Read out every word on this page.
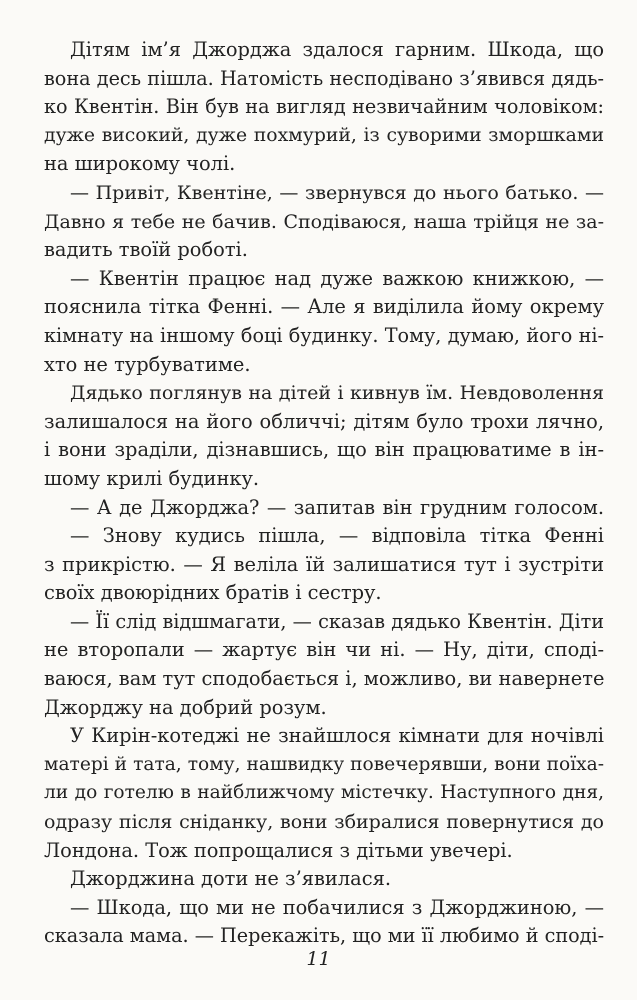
Дітям ім’я Джорджа здалося гарним. Шкода, що
вона десь пішла. Натомість несподівано з’явився дядь-
ко Квентін. Він був на вигляд незвичайним чоловіком:
дуже високий, дуже похмурий, із суворими зморшками
на широкому чолі.
— Привіт, Квентіне, — звернувся до нього батько. —
Давно я тебе не бачив. Сподіваюся, наша трійця не за-
вадить твоїй роботі.
— Квентін працює над дуже важкою книжкою, —
пояснила тітка Фенні. — Але я виділила йому окрему
кімнату на іншому боці будинку. Тому, думаю, його ні-
хто не турбуватиме.
Дядько поглянув на дітей і кивнув їм. Невдоволення
залишалося на його обличчі; дітям було трохи лячно,
і вони зраділи, дізнавшись, що він працюватиме в ін-
шому крилі будинку.
— А де Джорджа? — запитав він грудним голосом.
— Знову кудись пішла, — відповіла тітка Фенні
з прикрістю. — Я веліла їй залишатися тут і зустріти
своїх двоюрідних братів і сестру.
— Її слід відшмагати, — сказав дядько Квентін. Діти
не второпали — жартує він чи ні. — Ну, діти, споді-
ваюся, вам тут сподобається і, можливо, ви навернете
Джорджу на добрий розум.
У Кирін-котеджі не знайшлося кімнати для ночівлі
матері й тата, тому, нашвидку повечерявши, вони поїха-
ли до готелю в найближчому містечку. Наступного дня,
одразу після сніданку, вони збиралися повернутися до
Лондона. Тож попрощалися з дітьми увечері.
Джорджина доти не з’явилася.
— Шкода, що ми не побачилися з Джорджиною, —
сказала мама. — Перекажіть, що ми її любимо й споді-
11
